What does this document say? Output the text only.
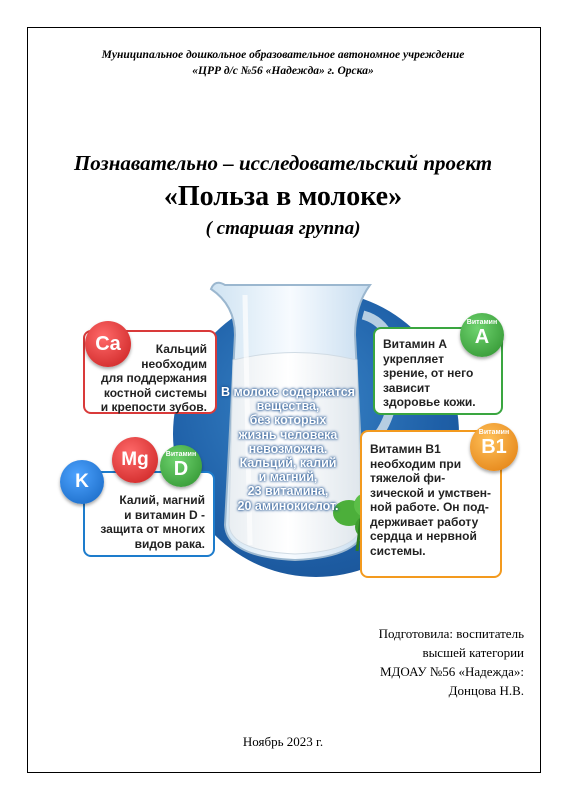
Муниципальное дошкольное образовательное автономное учреждение
«ЦРР д/с №56 «Надежда» г. Орска»
Познавательно – исследовательский проект
«Польза в молоке»
( старшая группа)
Кальций
необходим
для поддержания
костной системы
и крепости зубов.
Ca	Витамин А
укрепляет
зрение, от него
зависит
здоровье кожи.
Витамин
A
Витамин В1
необходим при
тяжелой фи-
зической и умствен-
ной работе. Он под-
держивает работу
сердца и нервной
системы.
Витамин
B1
Калий, магний
и витамин D -
защита от многих
видов рака.
Mg	Витамин
D
K
В молоке содержатся
вещества,
без которых
жизнь человека
невозможна.
Кальций, калий
и магний,
23 витамина,
20 аминокислот.
Подготовила: воспитатель
высшей категории
МДОАУ №56 «Надежда»:
Донцова Н.В.
Ноябрь 2023 г.
